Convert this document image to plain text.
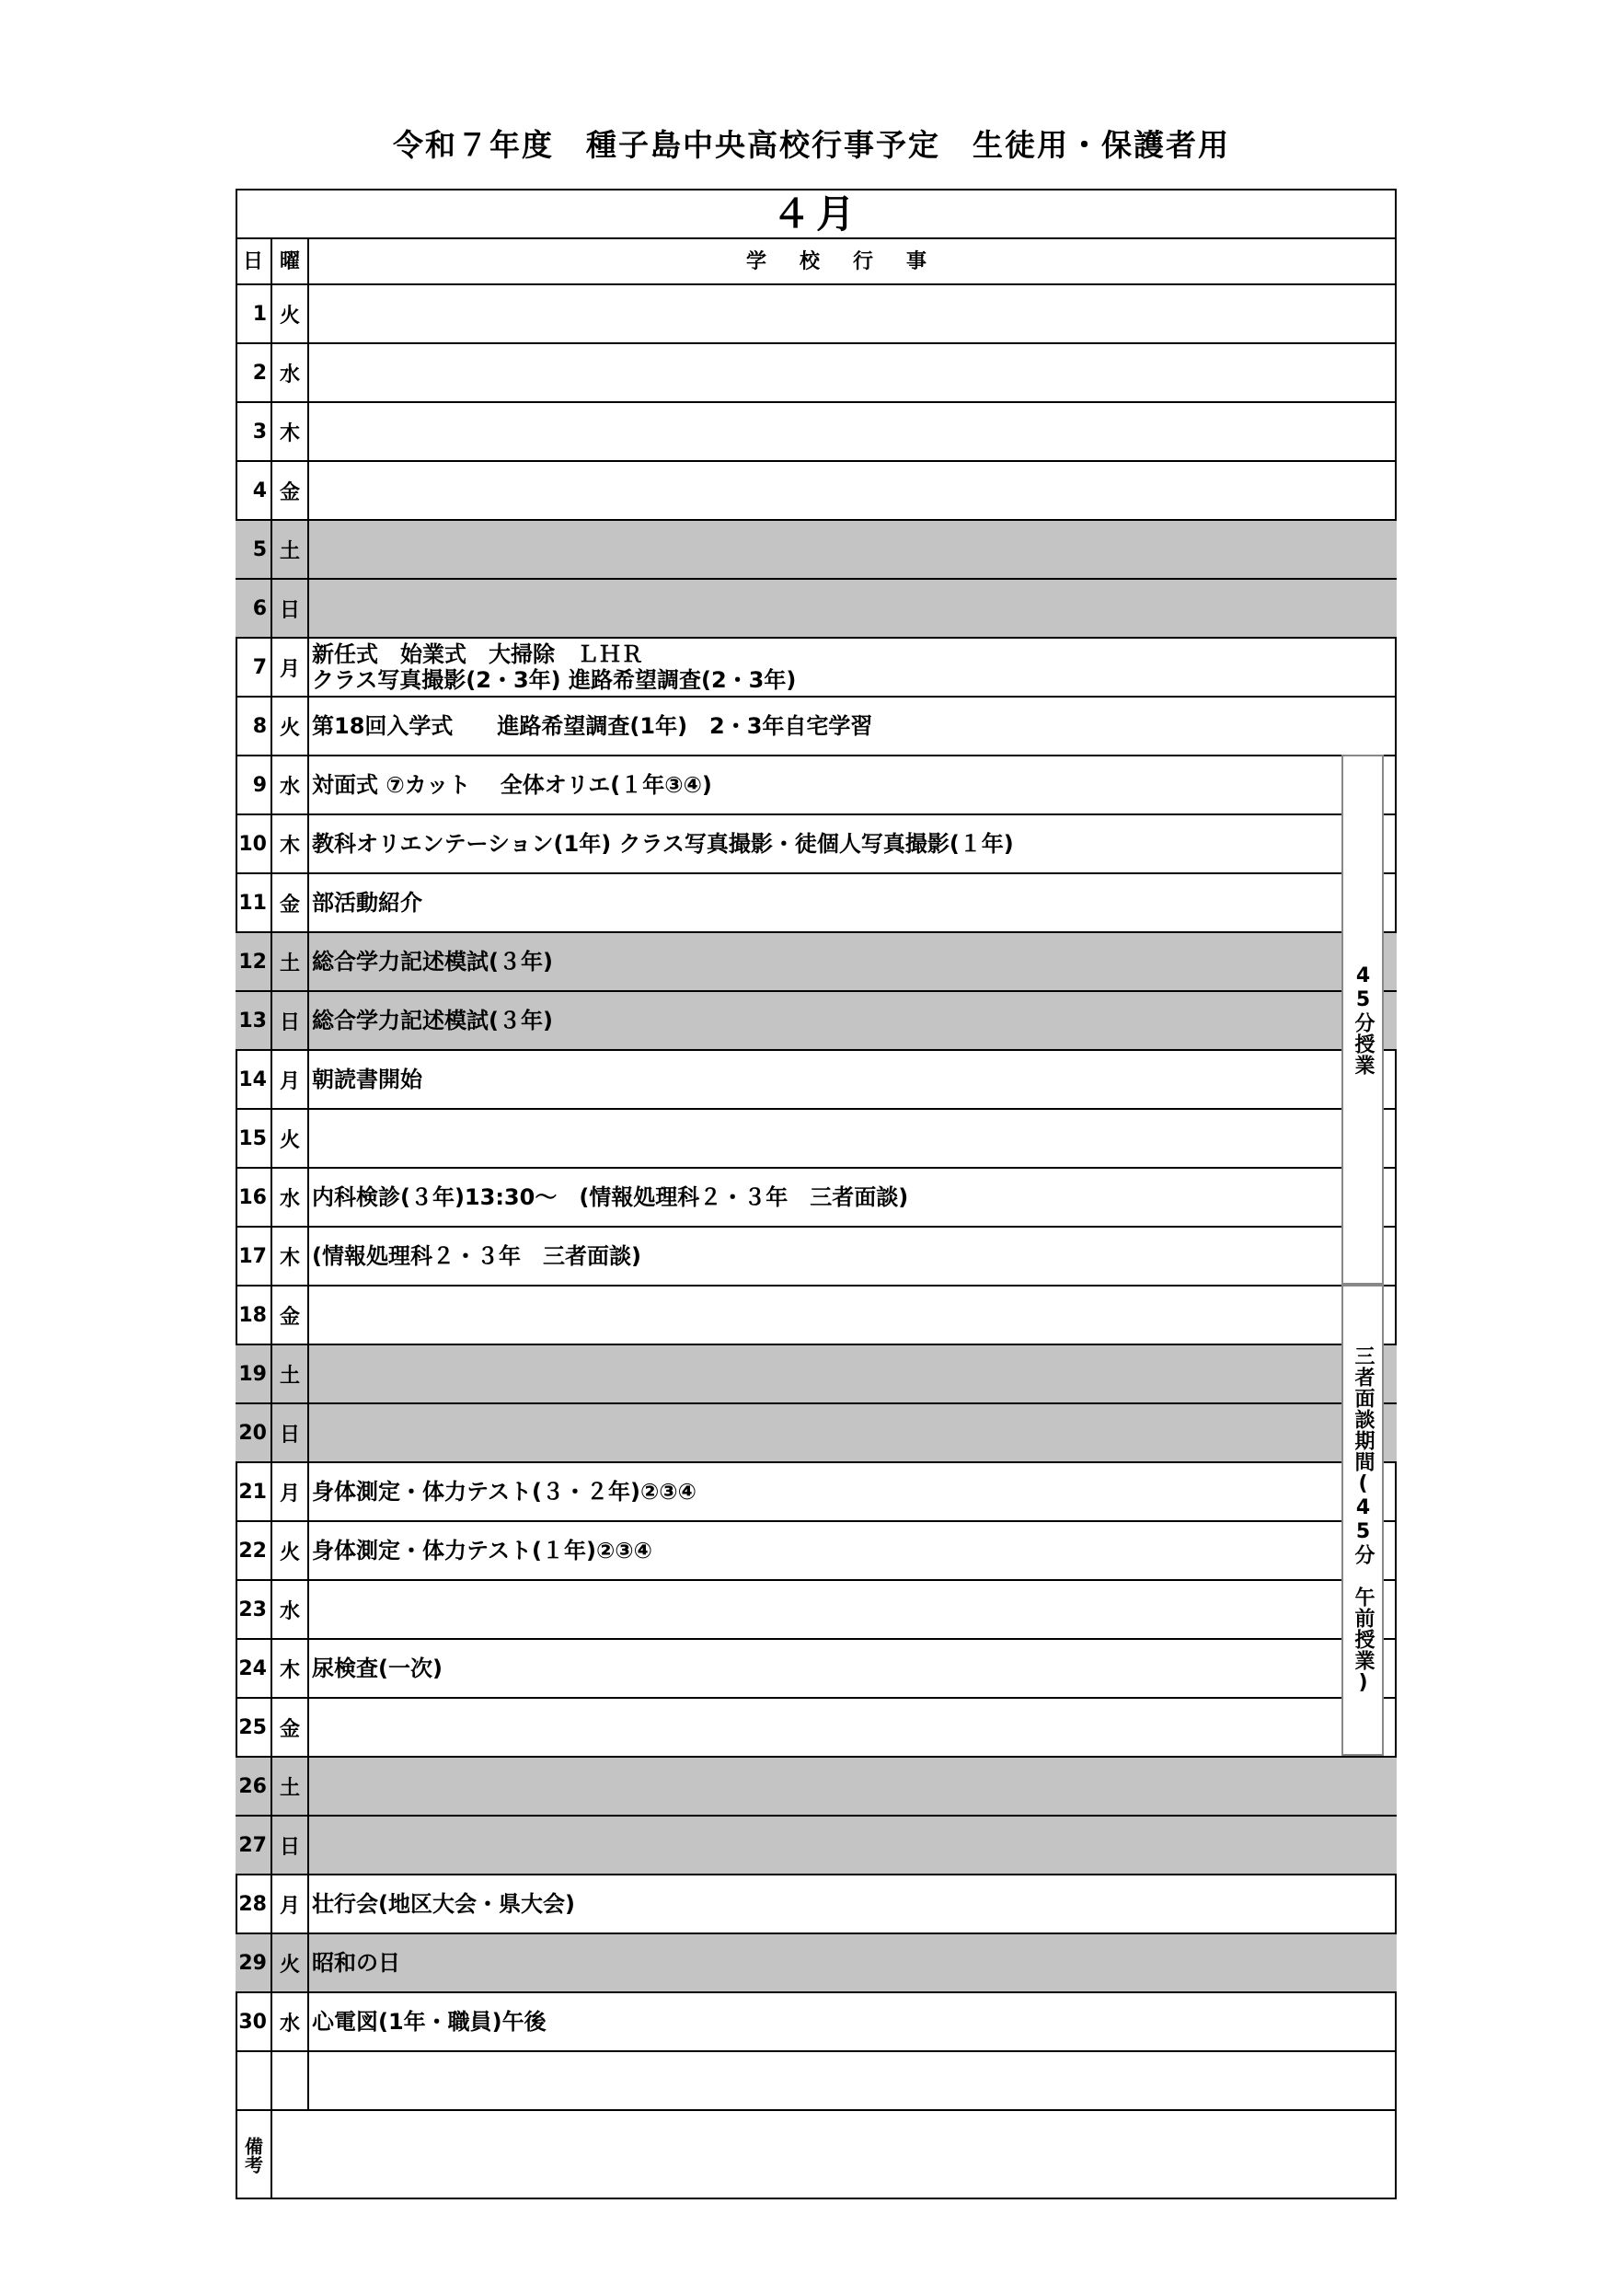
令和７年度　種子島中央高校行事予定　生徒用・保護者用
４月
日 曜	学校行事
1 火
2 水
3 木
4 金
5 土
6 日
7 月
新任式　始業式　大掃除　ＬＨＲ
クラス写真撮影(2・3年) 進路希望調査(2・3年)
8 火 第18回入学式　　進路希望調査(1年)　2・3年自宅学習
9 水 対面式 ⑦カット　 全体オリエ(１年③④)
10 木 教科オリエンテーション(1年) クラス写真撮影・徒個人写真撮影(１年)
11 金 部活動紹介
12 土 総合学力記述模試(３年)
13 日 総合学力記述模試(３年)
14 月 朝読書開始
15 火
16 水 内科検診(３年)13:30～　(情報処理科２・３年　三者面談)
17 木 (情報処理科２・３年　三者面談)
18 金
19 土
20 日
21 月 身体測定・体力テスト(３・２年)②③④
22 火 身体測定・体力テスト(１年)②③④
23 水
24 木 尿検査(一次)
25 金
26 土
27 日
28 月 壮行会(地区大会・県大会)
29 火 昭和の日
30 水 心電図(1年・職員)午後
45分授業
三者面談期間(45分　午前授業)
備考
